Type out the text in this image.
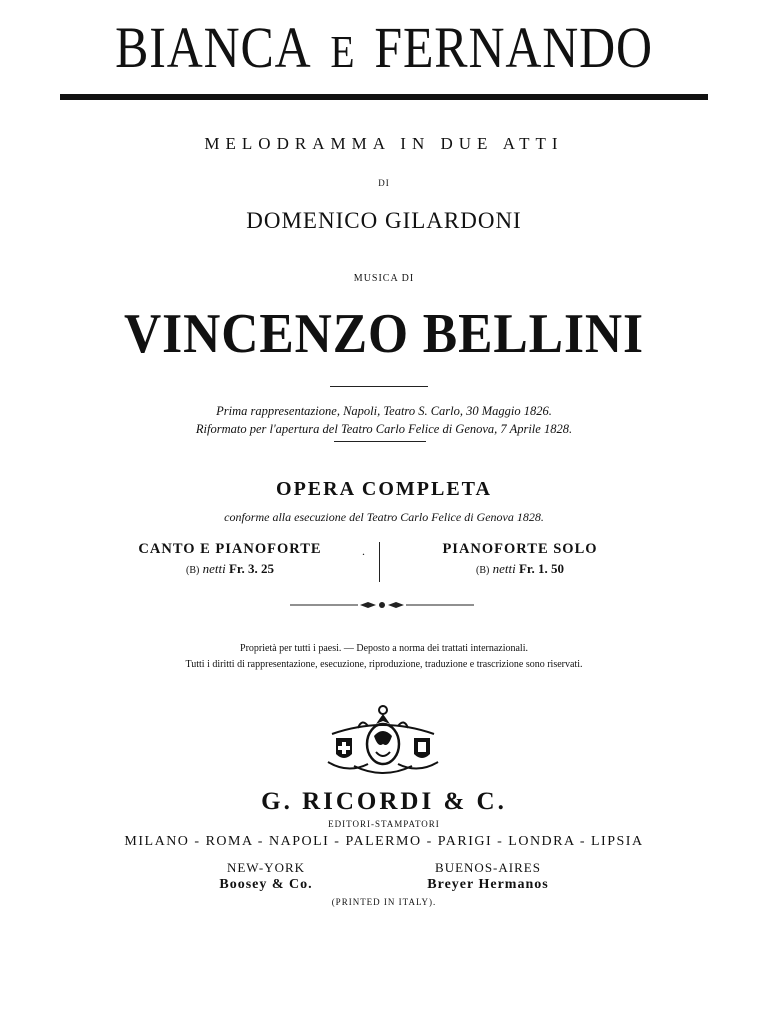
BIANCA E FERNANDO
MELODRAMMA IN DUE ATTI
DI
DOMENICO GILARDONI
MUSICA DI
VINCENZO BELLINI
Prima rappresentazione, Napoli, Teatro S. Carlo, 30 Maggio 1826.
Riformato per l'apertura del Teatro Carlo Felice di Genova, 7 Aprile 1828.
OPERA COMPLETA
conforme alla esecuzione del Teatro Carlo Felice di Genova 1828.
CANTO E PIANOFORTE
(B) netti Fr. 3. 25
.	PIANOFORTE SOLO
(B) netti Fr. 1. 50
Proprietà per tutti i paesi. — Deposto a norma dei trattati internazionali.
Tutti i diritti di rappresentazione, esecuzione, riproduzione, traduzione e trascrizione sono riservati.
G. RICORDI & C.
EDITORI-STAMPATORI
MILANO - ROMA - NAPOLI - PALERMO - PARIGI - LONDRA - LIPSIA
NEW-YORK
Boosey & Co.
BUENOS-AIRES
Breyer Hermanos
(PRINTED IN ITALY).
